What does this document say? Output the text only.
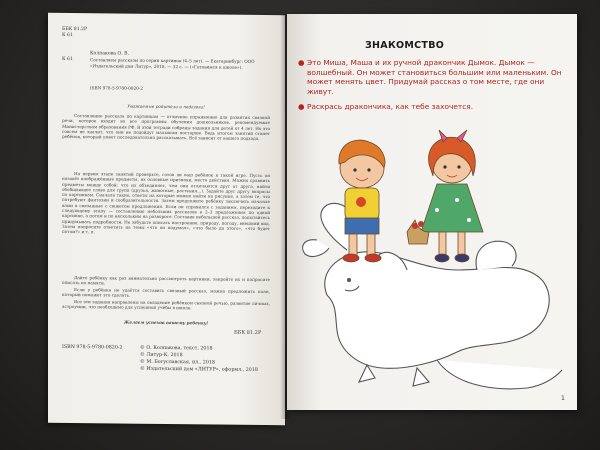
ББК 81.2Р
К 61
К 61
Колпакова О. В.
Составляем рассказы по серии картинок (4–5 лет). — Екатеринбург: ООО «Издательский дом Литур», 2018. — 32 с. — («Готовимся к школе»).
ISBN 978-5-9780-0820-2
Уважаемые родители и педагоги!
Составление рассказа по картинкам — отличное упражнение для развития связной речи, которое входит во все программы обучения дошкольников, рекомендуемые Министерством образования РФ. В этой тетради собраны задания для детей от 4 лет. Но это совсем не значит, что они не подойдут малышам постарше. Ведь итогом занятий станет ребёнок, который умеет последовательно рассказывать. Всё зависит от вашего подхода.
На первом этапе занятий проверьте, готов ли ваш ребёнок к такой игре. Пусть он назовёт изображённые предметы, их основные признаки, место действия. Можно сравнить предметы между собой: что их объединяет, чем они отличаются друг от друга, найти обобщающее слово для групп (друзья, животные, растения...). Задайте друг другу вопросы по картинкам. Сначала такие, ответы на которые можно найти на рисунке, а затем те, что потребуют фантазии и сообразительности. Затем предложите ребёнку заключить начатые вами в связанные с сюжетом предложения. Если он справился с заданием, переходите к следующему этапу — составлению небольших рассказов в 2–3 предложения по одной картинке, а потом и по нескольким на развороте. Составив небольшой рассказ, попытайтесь придумывать подробности. Не забудьте описать настроение, природу, погоду, внешний вид. Затем попросите ответить на темы «что он подумал», «что было до этого», «что будет потом?» и т. п.
Дайте ребёнку как раз внимательно рассмотреть картинки, закройте их и попросите описать по памяти.
Если у ребёнка не удаётся составить связный рассказ, можно предложить план, который поможет это сделать.
Все эти задания направлены на овладение ребёнком связной речью, развитие личных, астроумии, что необходимо для успешной учёбы в школе.
Желаем успехов вашему ребенку!
ББК 81.2Р
ISBN 978-5-9780-0820-2	© О. Колпакова, текст, 2018
© Литур-К, 2018
© М. Богуславская, ил., 2018
© Издательский дом «ЛИТУР», оформл., 2018
ЗНАКОМСТВО
● Это Миша, Маша и их ручной дракончик Дымок. Дымок — волшебный. Он может становиться большим или маленьким. Он может менять цвет. Придумай рассказ о том месте, где они живут.
● Раскрась дракончика, как тебе захочется.
1
